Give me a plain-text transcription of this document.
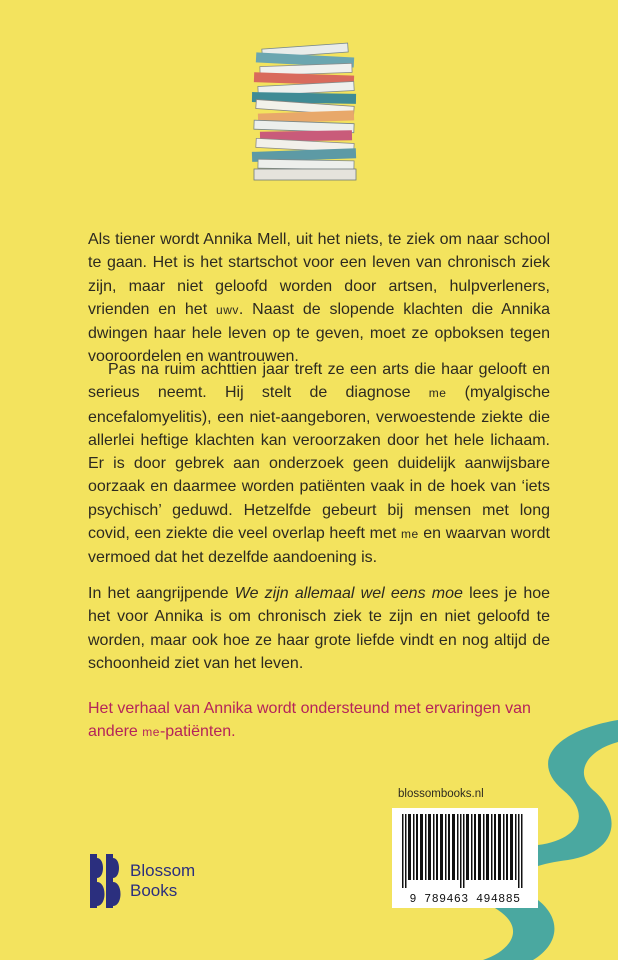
Als tiener wordt Annika Mell, uit het niets, te ziek om naar school te gaan. Het is het startschot voor een leven van chronisch ziek zijn, maar niet geloofd worden door artsen, hulpverleners, vrienden en het uwv. Naast de slopende klachten die Annika dwingen haar hele leven op te geven, moet ze opboksen tegen vooroordelen en wantrouwen.

Pas na ruim achttien jaar treft ze een arts die haar gelooft en serieus neemt. Hij stelt de diagnose me (myalgische encefalomyelitis), een niet-aangeboren, verwoestende ziekte die allerlei heftige klachten kan veroorzaken door het hele lichaam. Er is door gebrek aan onderzoek geen duidelijk aanwijsbare oorzaak en daarmee worden patiënten vaak in de hoek van ‘iets psychisch’ geduwd. Hetzelfde gebeurt bij mensen met long covid, een ziekte die veel overlap heeft met me en waarvan wordt vermoed dat het dezelfde aandoening is.

In het aangrijpende We zijn allemaal wel eens moe lees je hoe het voor Annika is om chronisch ziek te zijn en niet geloofd te worden, maar ook hoe ze haar grote liefde vindt en nog altijd de schoonheid ziet van het leven.

Het verhaal van Annika wordt ondersteund met ervaringen van andere me-patiënten.

blossombooks.nl
9 789463 494885
Blossom
Books
